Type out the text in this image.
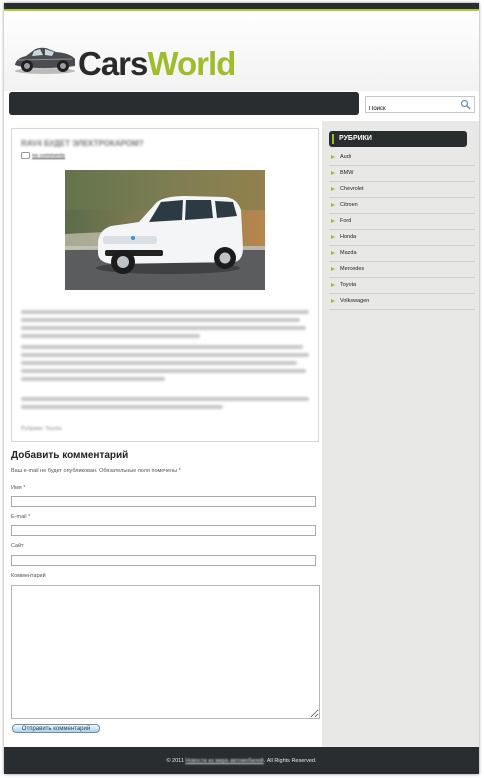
CarsWorld
Поиск
RAV4 БУДЕТ ЭЛЕКТРОКАРОМ?
no comments
Рубрики: Toyota
Добавить комментарий
Ваш e-mail не будет опубликован. Обязательные поля помечены *
Имя *
E-mail *
Сайт
Комментарий
Отправить комментарий
РУБРИКИ
Audi
BMW
Chevrolet
Citroen
Ford
Honda
Mazda
Mercedes
Toyota
Volkswagen
© 2011 Новости из мира автомобилей. All Rights Reserved.
